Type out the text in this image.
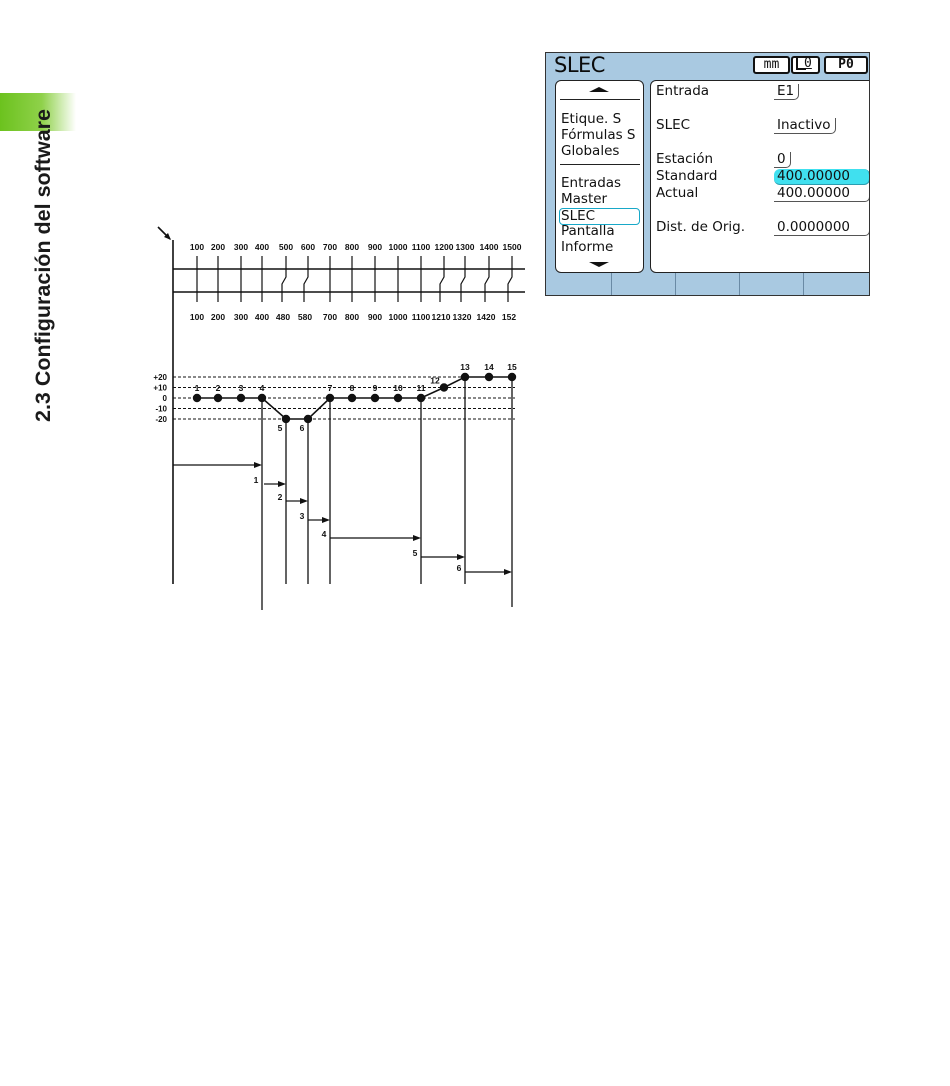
2.3 Configuración del software	100 200 300 400 500 600 700 800 900 1000 1100 1200 1300 1400 1500
100 200 300 400 480 580 700 800 900 1000 1100 1210 1320 1420 152
+20
+10
0
-10
-20
1 2 3 4
5 6
7 8 9 10 11
12
13 14 15
1
2
3
4
5
6
SLEC	mm	0	P0
Etique. S
Fórmulas S
Globales
Entradas
Master
SLEC
Pantalla
Informe
Entrada	E1
SLEC	Inactivo
Estación	0
Standard	400.00000
Actual	400.00000
Dist. de Orig. 0.0000000
